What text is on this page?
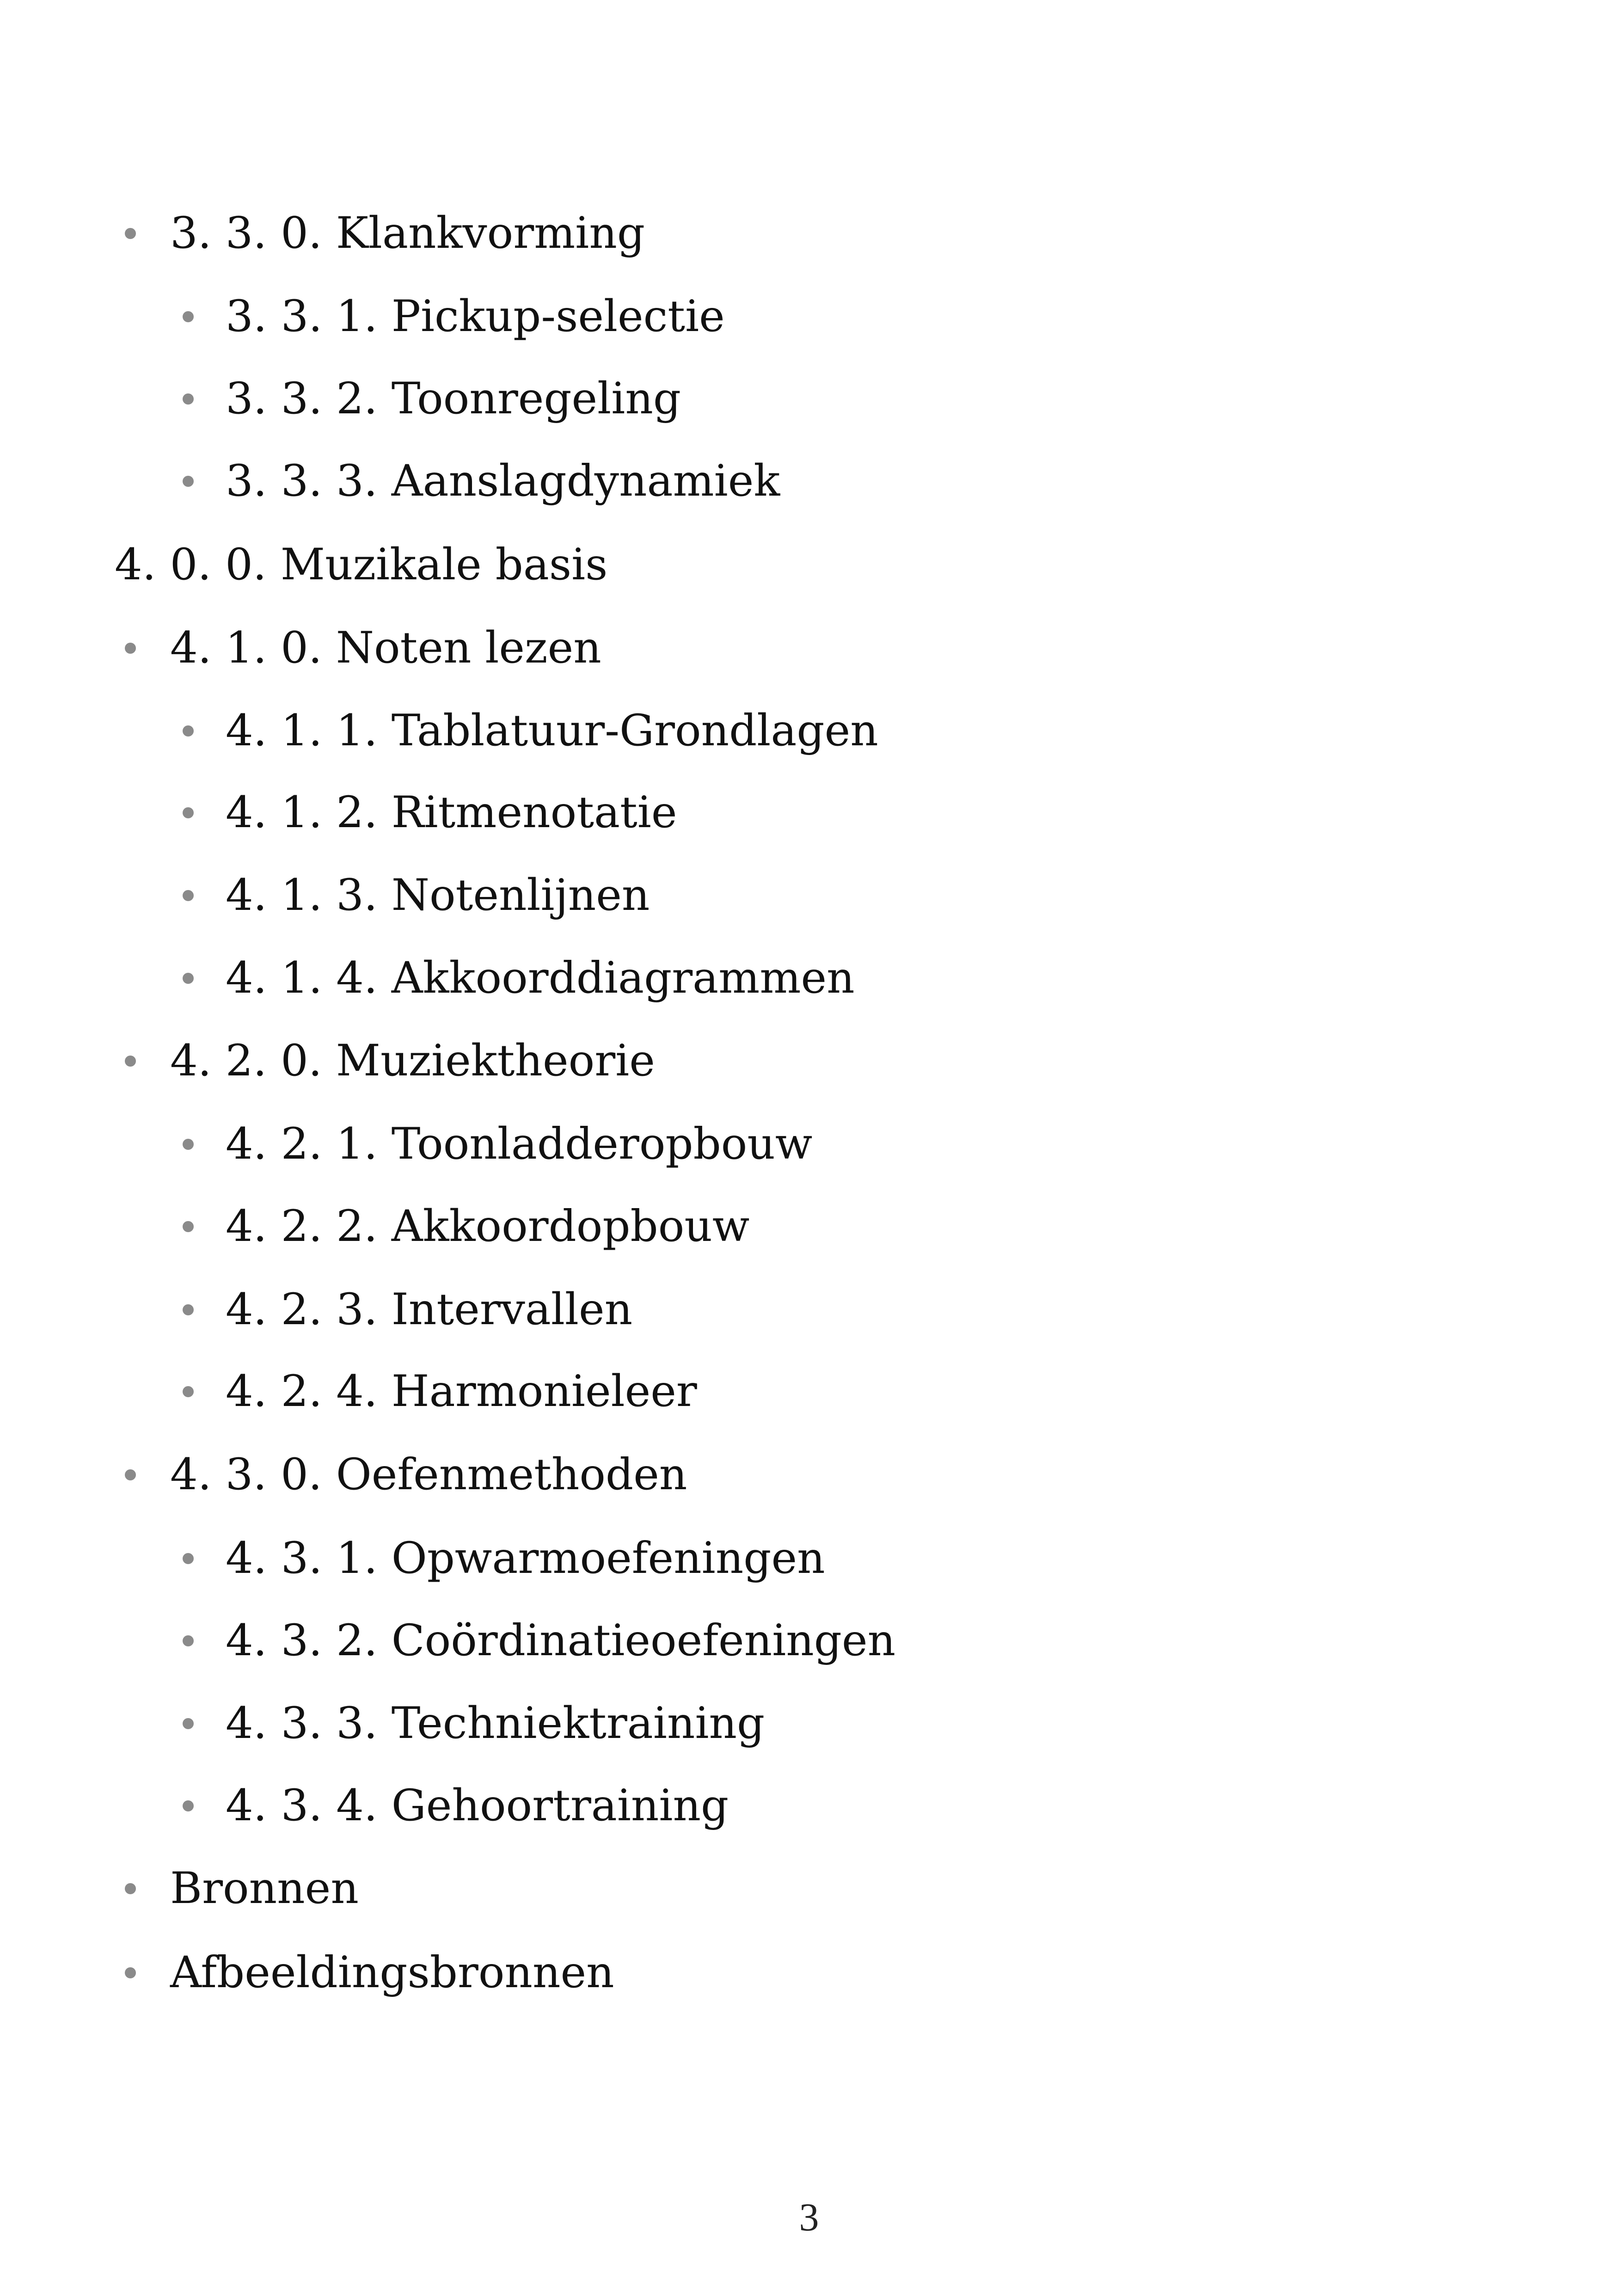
3. 3. 0. Klankvorming
3. 3. 1. Pickup-selectie
3. 3. 2. Toonregeling
3. 3. 3. Aanslagdynamiek
4. 0. 0. Muzikale basis
4. 1. 0. Noten lezen
4. 1. 1. Tablatuur-Grondlagen
4. 1. 2. Ritmenotatie
4. 1. 3. Notenlijnen
4. 1. 4. Akkoorddiagrammen
4. 2. 0. Muziektheorie
4. 2. 1. Toonladderopbouw
4. 2. 2. Akkoordopbouw
4. 2. 3. Intervallen
4. 2. 4. Harmonieleer
4. 3. 0. Oefenmethoden
4. 3. 1. Opwarmoefeningen
4. 3. 2. Coördinatieoefeningen
4. 3. 3. Techniektraining
4. 3. 4. Gehoortraining
Bronnen
Afbeeldingsbronnen
3
